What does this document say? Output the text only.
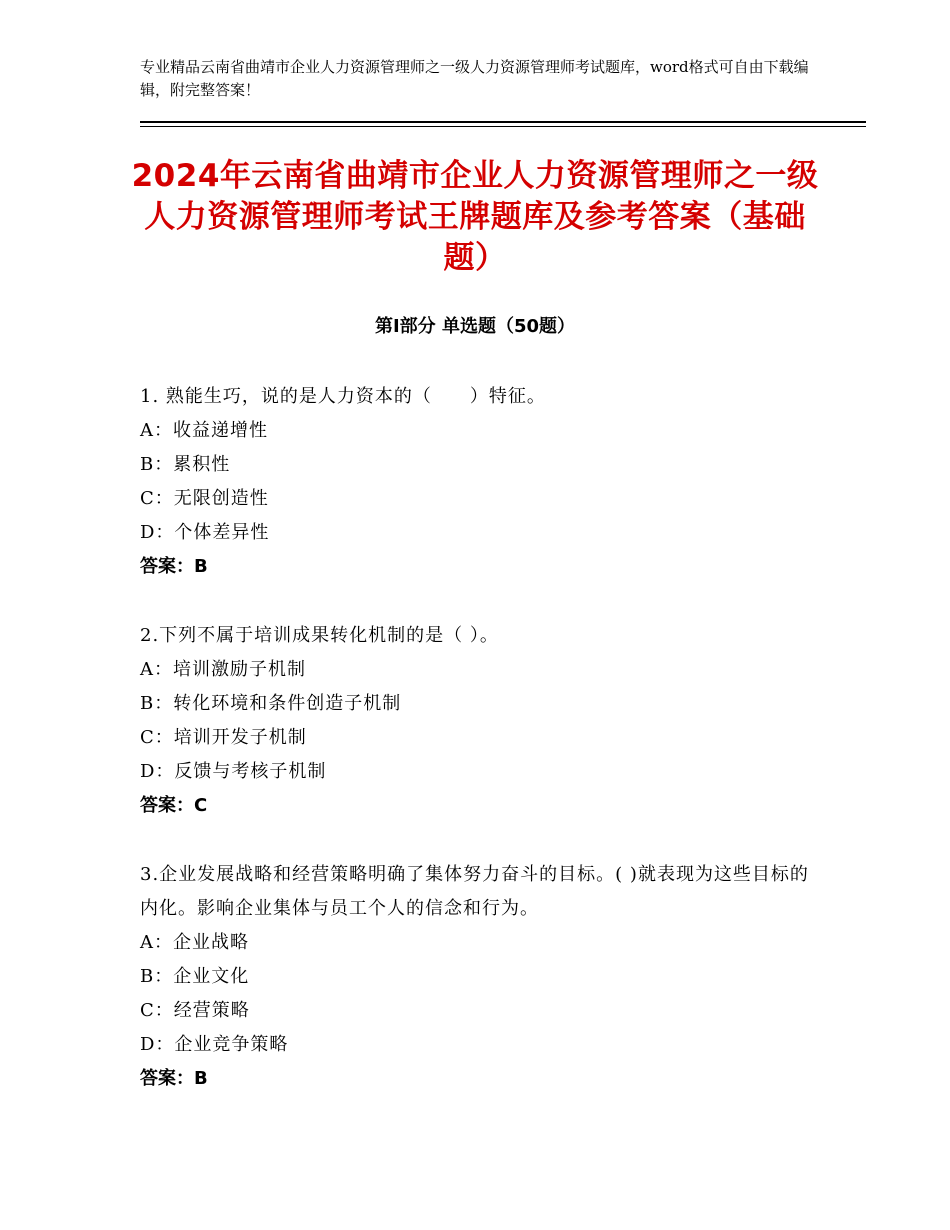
专业精品云南省曲靖市企业人力资源管理师之一级人力资源管理师考试题库，word格式可自由下载编辑，附完整答案！
2024年云南省曲靖市企业人力资源管理师之一级人力资源管理师考试王牌题库及参考答案（基础题）
第Ⅰ部分 单选题（50题）

1. 熟能生巧，说的是人力资本的（　　）特征。

A：收益递增性

B：累积性

C：无限创造性

D：个体差异性

答案：B

2.下列不属于培训成果转化机制的是（ ）。

A：培训激励子机制

B：转化环境和条件创造子机制

C：培训开发子机制

D：反馈与考核子机制

答案：C

3.企业发展战略和经营策略明确了集体努力奋斗的目标。( )就表现为这些目标的内化。影响企业集体与员工个人的信念和行为。

A：企业战略

B：企业文化

C：经营策略

D：企业竞争策略

答案：B
